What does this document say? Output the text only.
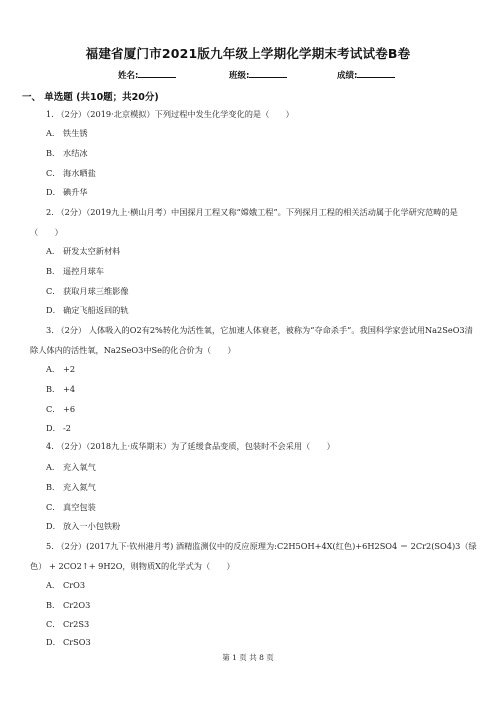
福建省厦门市2021版九年级上学期化学期末考试试卷B卷
姓名:	班级:	成绩:
一、 单选题 (共10题；共20分)
1. （2分）（2019·北京模拟）下列过程中发生化学变化的是（　　）
A． 铁生锈
B． 水结冰
C． 海水晒盐
D． 碘升华
2. （2分）（2019九上·横山月考）中国探月工程又称“嫦娥工程”。下列探月工程的相关活动属于化学研究范畴的是（　　）
A． 研发太空新材料
B． 遥控月球车
C． 获取月球三维影像
D． 确定飞船返回的轨
3. （2分） 人体吸入的O2有2%转化为活性氧，它加速人体衰老，被称为“夺命杀手”。我国科学家尝试用Na2SeO3清除人体内的活性氧，Na2SeO3中Se的化合价为（　　）
A． +2
B． +4
C． +6
D． -2
4. （2分）（2018九上·成华期末）为了延缓食品变质，包装时不会采用（　　）
A． 充入氧气
B． 充入氮气
C． 真空包装
D． 放入一小包铁粉
5. （2分）(2017九下·钦州港月考) 酒精监测仪中的反应原理为:C2H5OH+4X(红色)+6H2SO4 ＝ 2Cr2(SO4)3（绿色） + 2CO2↑+ 9H2O，则物质X的化学式为（　　）
A． CrO3
B． Cr2O3
C． Cr2S3
D． CrSO3
第 1 页 共 8 页
